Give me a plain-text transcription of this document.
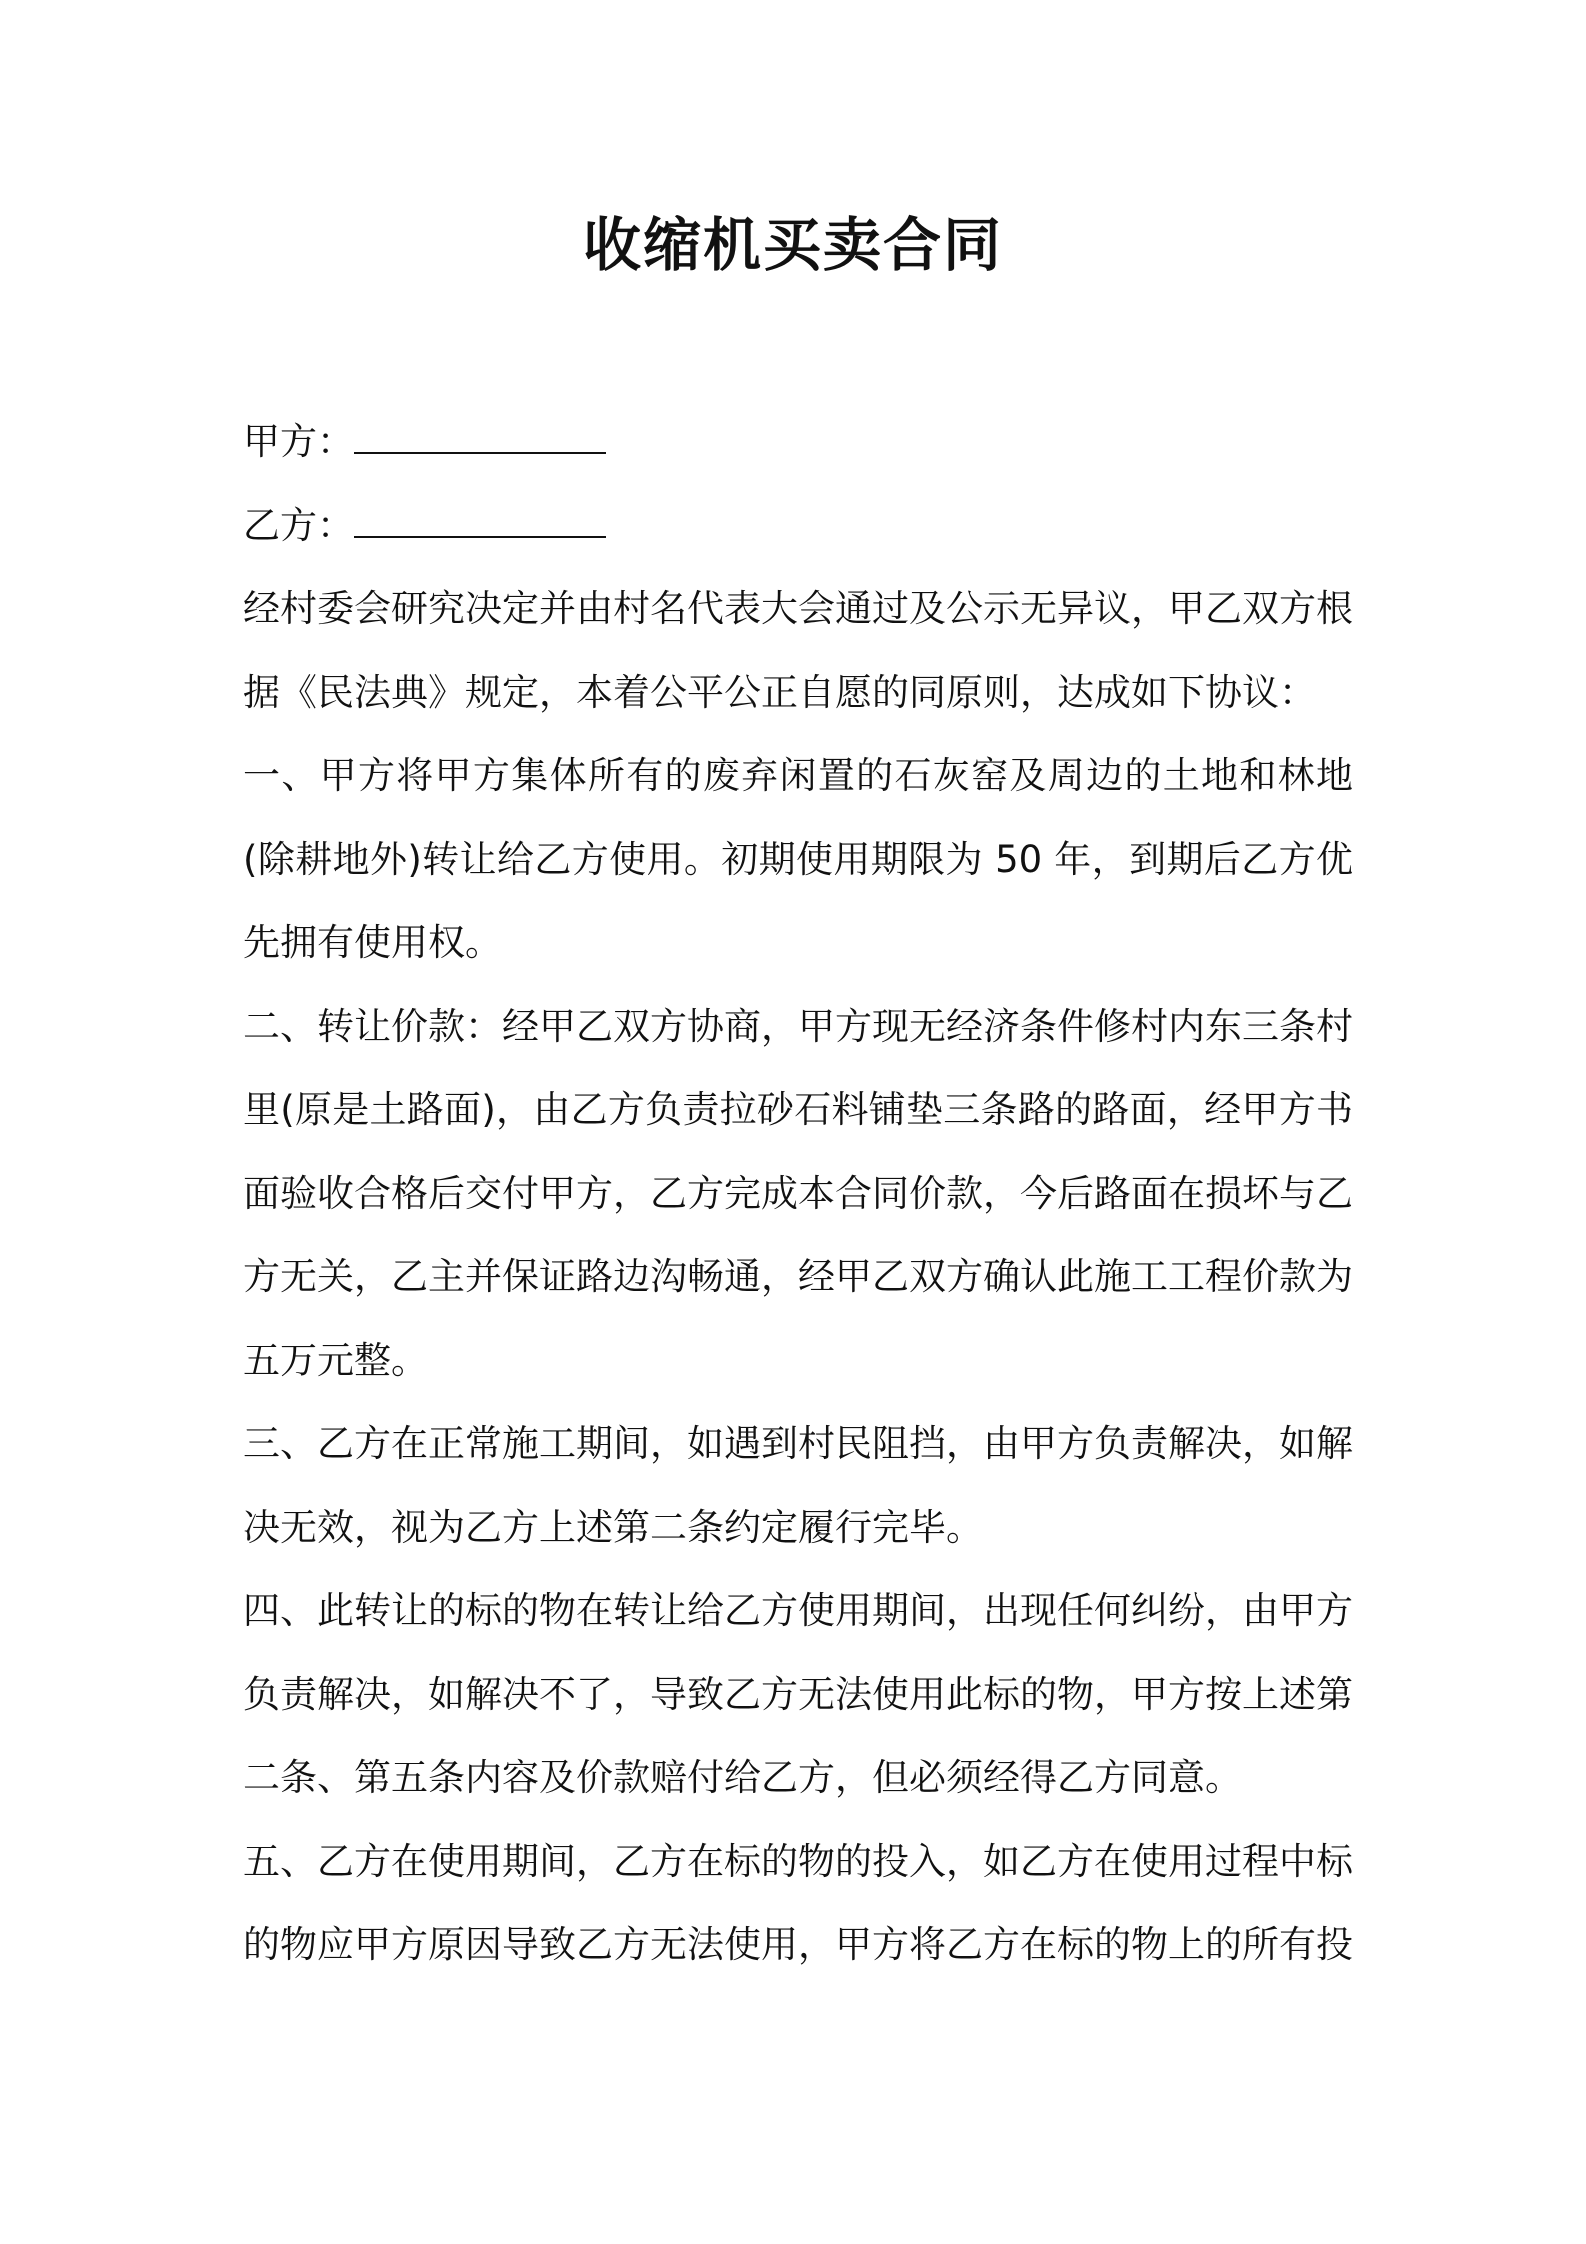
收缩机买卖合同
甲方：
乙方：
经村委会研究决定并由村名代表大会通过及公示无异议，甲乙双方根
据《民法典》规定，本着公平公正自愿的同原则，达成如下协议：
一、甲方将甲方集体所有的废弃闲置的石灰窑及周边的土地和林地
(除耕地外)转让给乙方使用。初期使用期限为 50 年，到期后乙方优
先拥有使用权。
二、转让价款：经甲乙双方协商，甲方现无经济条件修村内东三条村
里(原是土路面)，由乙方负责拉砂石料铺垫三条路的路面，经甲方书
面验收合格后交付甲方，乙方完成本合同价款，今后路面在损坏与乙
方无关，乙主并保证路边沟畅通，经甲乙双方确认此施工工程价款为
五万元整。
三、乙方在正常施工期间，如遇到村民阻挡，由甲方负责解决，如解
决无效，视为乙方上述第二条约定履行完毕。
四、此转让的标的物在转让给乙方使用期间，出现任何纠纷，由甲方
负责解决，如解决不了，导致乙方无法使用此标的物，甲方按上述第
二条、第五条内容及价款赔付给乙方，但必须经得乙方同意。
五、乙方在使用期间，乙方在标的物的投入，如乙方在使用过程中标
的物应甲方原因导致乙方无法使用，甲方将乙方在标的物上的所有投
